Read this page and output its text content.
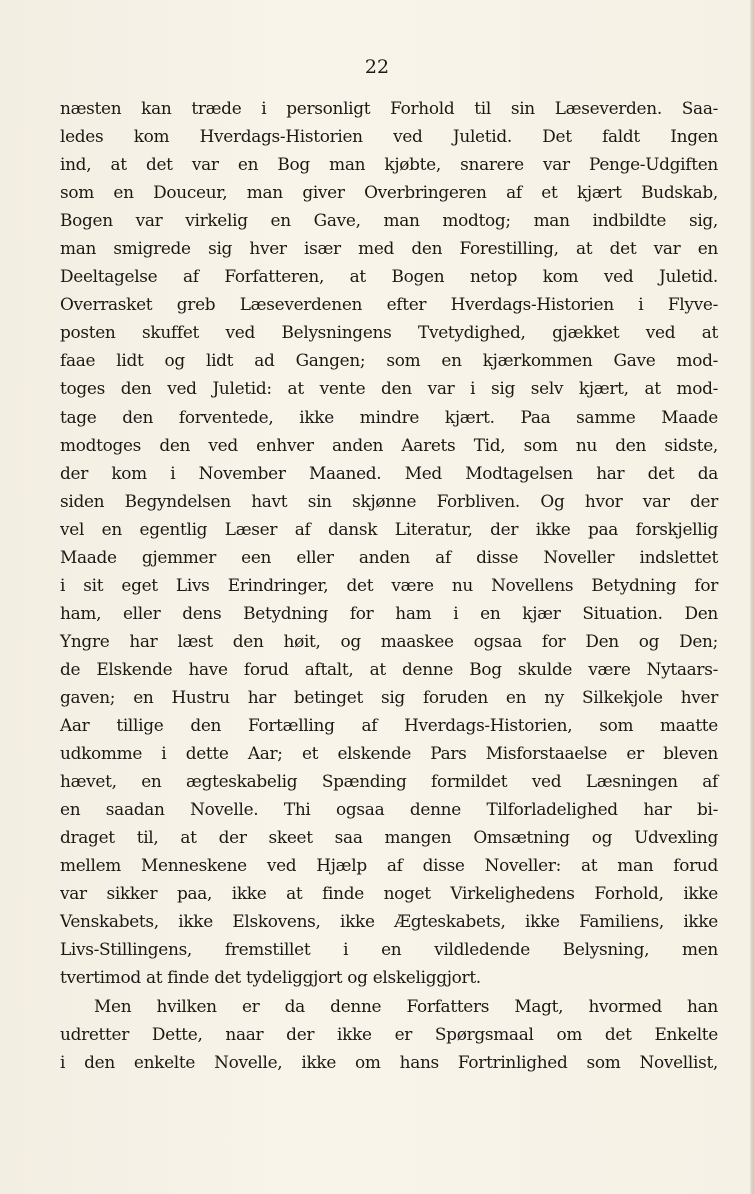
22
næsten kan træde i personligt Forhold til sin Læseverden. Saa-
ledes kom Hverdags-Historien ved Juletid. Det faldt Ingen
ind, at det var en Bog man kjøbte, snarere var Penge-Udgiften
som en Douceur, man giver Overbringeren af et kjært Budskab,
Bogen var virkelig en Gave, man modtog; man indbildte sig,
man smigrede sig hver især med den Forestilling, at det var en
Deeltagelse af Forfatteren, at Bogen netop kom ved Juletid.
Overrasket greb Læseverdenen efter Hverdags-Historien i Flyve-
posten skuffet ved Belysningens Tvetydighed, gjækket ved at
faae lidt og lidt ad Gangen; som en kjærkommen Gave mod-
toges den ved Juletid: at vente den var i sig selv kjært, at mod-
tage den forventede, ikke mindre kjært. Paa samme Maade
modtoges den ved enhver anden Aarets Tid, som nu den sidste,
der kom i November Maaned. Med Modtagelsen har det da
siden Begyndelsen havt sin skjønne Forbliven. Og hvor var der
vel en egentlig Læser af dansk Literatur, der ikke paa forskjellig
Maade gjemmer een eller anden af disse Noveller indslettet
i sit eget Livs Erindringer, det være nu Novellens Betydning for
ham, eller dens Betydning for ham i en kjær Situation. Den
Yngre har læst den høit, og maaskee ogsaa for Den og Den;
de Elskende have forud aftalt, at denne Bog skulde være Nytaars-
gaven; en Hustru har betinget sig foruden en ny Silkekjole hver
Aar tillige den Fortælling af Hverdags-Historien, som maatte
udkomme i dette Aar; et elskende Pars Misforstaaelse er bleven
hævet, en ægteskabelig Spænding formildet ved Læsningen af
en saadan Novelle. Thi ogsaa denne Tilforladelighed har bi-
draget til, at der skeet saa mangen Omsætning og Udvexling
mellem Menneskene ved Hjælp af disse Noveller: at man forud
var sikker paa, ikke at finde noget Virkelighedens Forhold, ikke
Venskabets, ikke Elskovens, ikke Ægteskabets, ikke Familiens, ikke
Livs-Stillingens, fremstillet i en vildledende Belysning, men
tvertimod at finde det tydeliggjort og elskeliggjort.
Men hvilken er da denne Forfatters Magt, hvormed han
udretter Dette, naar der ikke er Spørgsmaal om det Enkelte
i den enkelte Novelle, ikke om hans Fortrinlighed som Novellist,
